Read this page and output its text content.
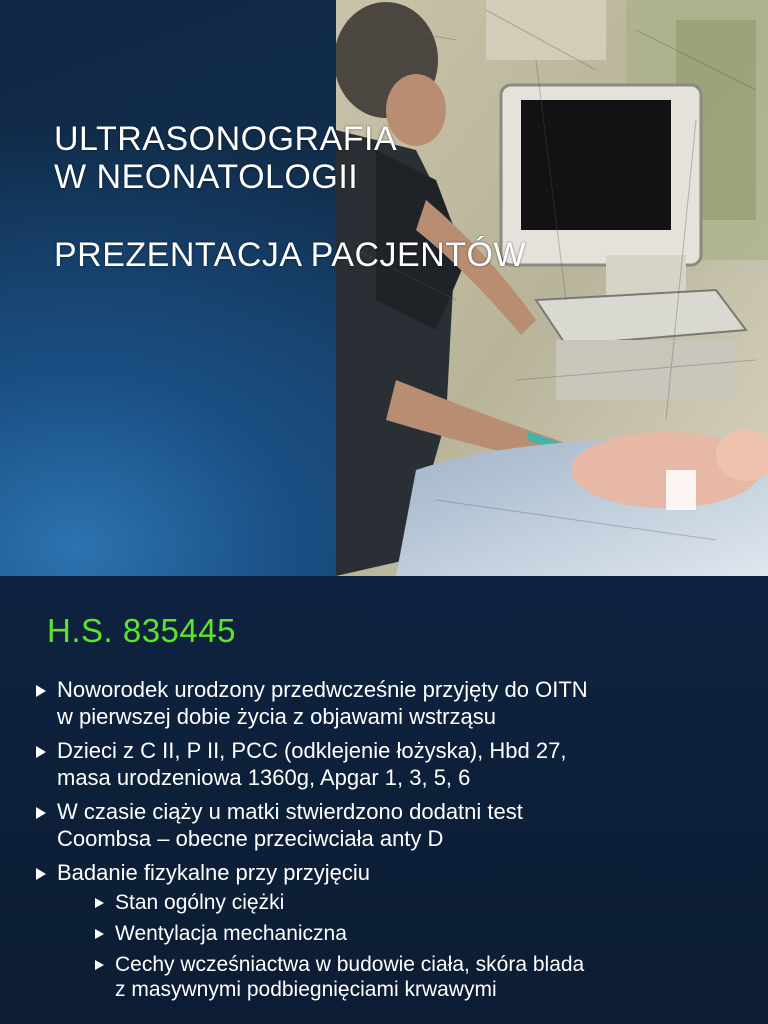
ULTRASONOGRAFIA
W NEONATOLOGII
PREZENTACJA PACJENTÓW
H.S. 835445
Noworodek urodzony przedwcześnie przyjęty do OITN
w pierwszej dobie życia z objawami wstrząsu
Dzieci z C II, P II, PCC (odklejenie łożyska), Hbd 27,
masa urodzeniowa 1360g, Apgar 1, 3, 5, 6
W czasie ciąży u matki stwierdzono dodatni test
Coombsa – obecne przeciwciała anty D
Badanie fizykalne przy przyjęciu
Stan ogólny ciężki
Wentylacja mechaniczna
Cechy wcześniactwa w budowie ciała, skóra blada
z masywnymi podbiegnięciami krwawymi
